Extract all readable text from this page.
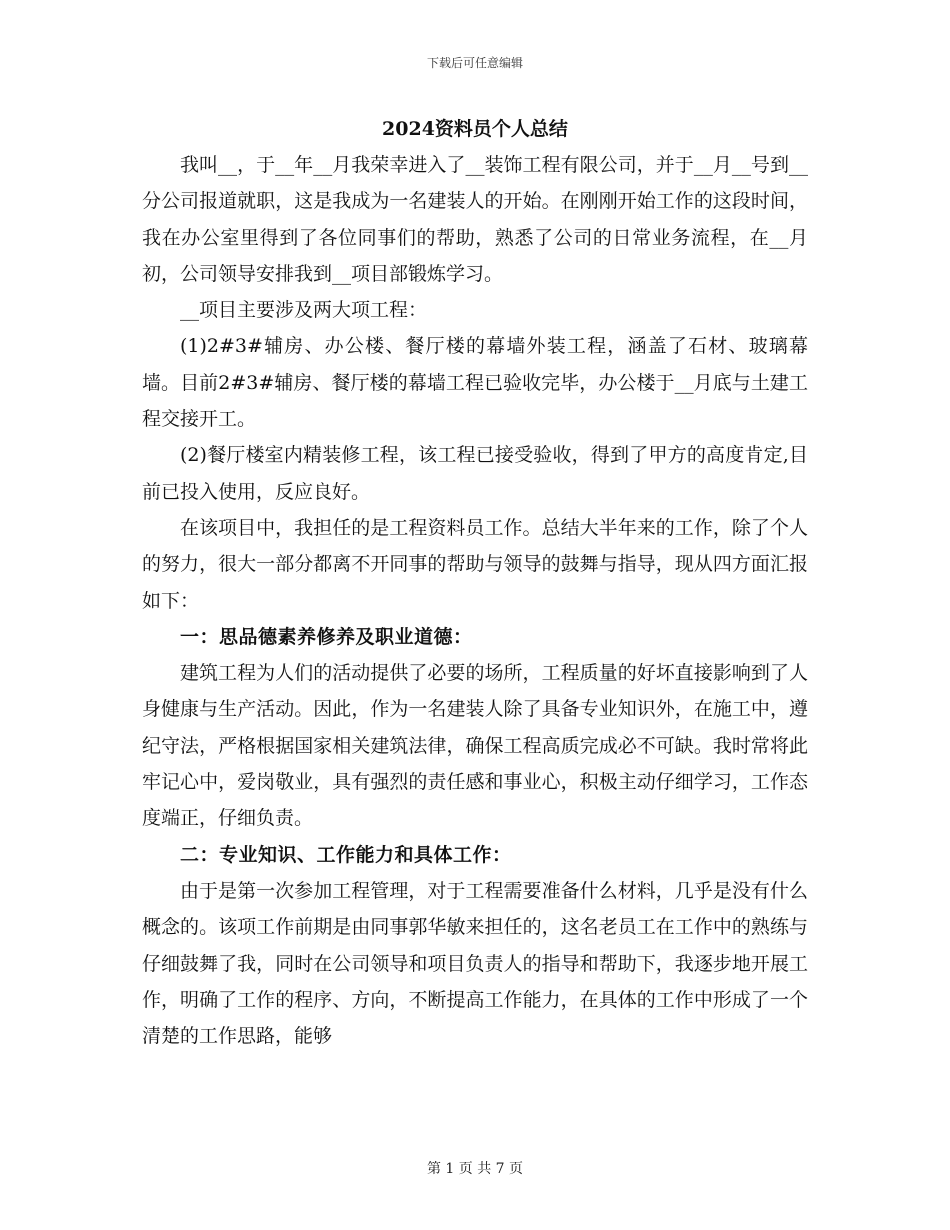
下载后可任意编辑
2024资料员个人总结

我叫__，于__年__月我荣幸进入了__装饰工程有限公司，并于__月__号到__分公司报道就职，这是我成为一名建装人的开始。在刚刚开始工作的这段时间，我在办公室里得到了各位同事们的帮助，熟悉了公司的日常业务流程，在__月初，公司领导安排我到__项目部锻炼学习。

__项目主要涉及两大项工程：

(1)2#3#辅房、办公楼、餐厅楼的幕墙外装工程，涵盖了石材、玻璃幕墙。目前2#3#辅房、餐厅楼的幕墙工程已验收完毕，办公楼于__月底与土建工程交接开工。

(2)餐厅楼室内精装修工程，该工程已接受验收，得到了甲方的高度肯定,目前已投入使用，反应良好。

在该项目中，我担任的是工程资料员工作。总结大半年来的工作，除了个人的努力，很大一部分都离不开同事的帮助与领导的鼓舞与指导，现从四方面汇报如下：

一：思品德素养修养及职业道德：

建筑工程为人们的活动提供了必要的场所，工程质量的好坏直接影响到了人身健康与生产活动。因此，作为一名建装人除了具备专业知识外，在施工中，遵纪守法，严格根据国家相关建筑法律，确保工程高质完成必不可缺。我时常将此牢记心中，爱岗敬业，具有强烈的责任感和事业心，积极主动仔细学习，工作态度端正，仔细负责。

二：专业知识、工作能力和具体工作：

由于是第一次参加工程管理，对于工程需要准备什么材料，几乎是没有什么概念的。该项工作前期是由同事郭华敏来担任的，这名老员工在工作中的熟练与仔细鼓舞了我，同时在公司领导和项目负责人的指导和帮助下，我逐步地开展工作，明确了工作的程序、方向，不断提高工作能力，在具体的工作中形成了一个清楚的工作思路，能够

第 1 页 共 7 页
